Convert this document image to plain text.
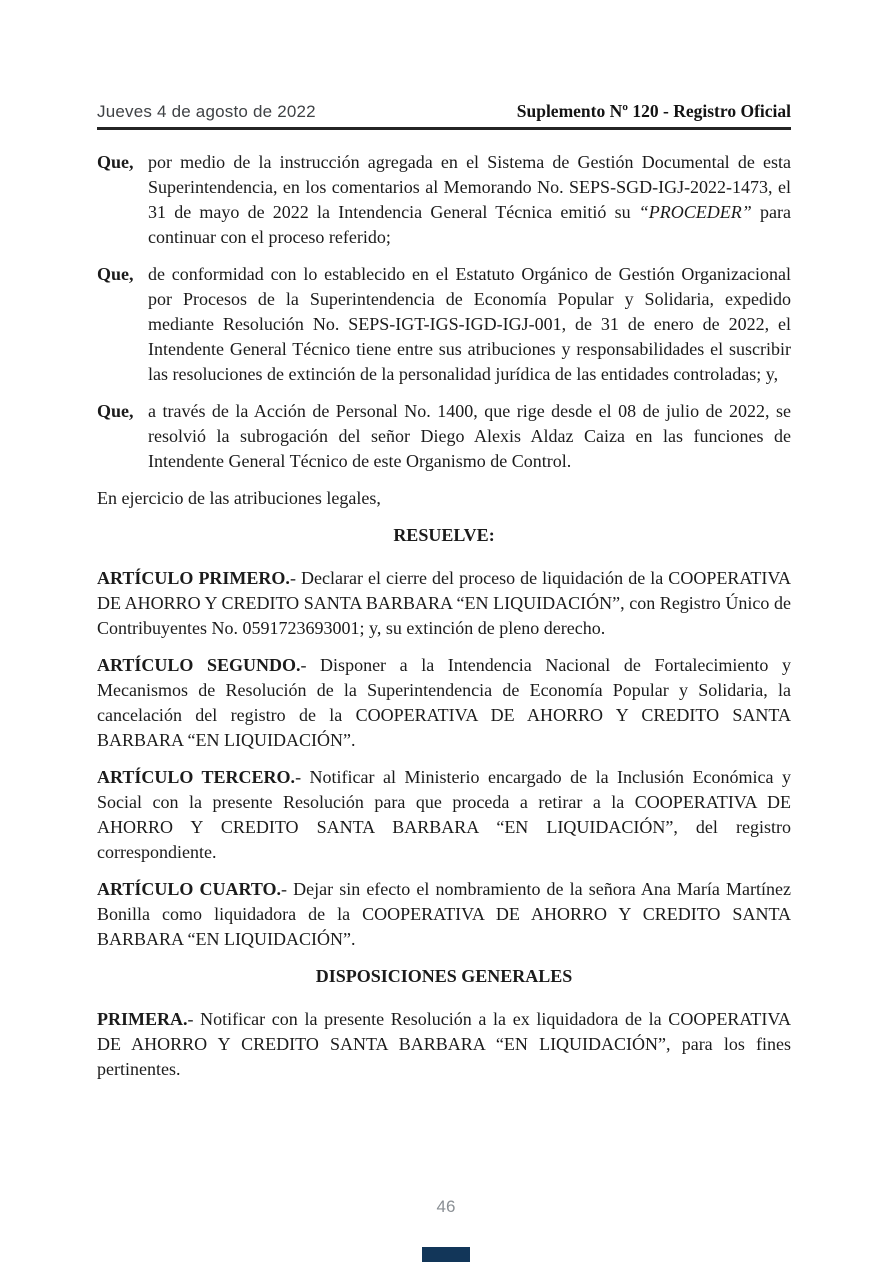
Jueves 4 de agosto de 2022	Suplemento Nº 120 - Registro Oficial
Que, por medio de la instrucción agregada en el Sistema de Gestión Documental de esta Superintendencia, en los comentarios al Memorando No. SEPS-SGD-IGJ-2022-1473, el 31 de mayo de 2022 la Intendencia General Técnica emitió su “PROCEDER” para continuar con el proceso referido;

Que, de conformidad con lo establecido en el Estatuto Orgánico de Gestión Organizacional por Procesos de la Superintendencia de Economía Popular y Solidaria, expedido mediante Resolución No. SEPS-IGT-IGS-IGD-IGJ-001, de 31 de enero de 2022, el Intendente General Técnico tiene entre sus atribuciones y responsabilidades el suscribir las resoluciones de extinción de la personalidad jurídica de las entidades controladas; y,

Que, a través de la Acción de Personal No. 1400, que rige desde el 08 de julio de 2022, se resolvió la subrogación del señor Diego Alexis Aldaz Caiza en las funciones de Intendente General Técnico de este Organismo de Control.

En ejercicio de las atribuciones legales,

RESUELVE:

ARTÍCULO PRIMERO.- Declarar el cierre del proceso de liquidación de la COOPERATIVA DE AHORRO Y CREDITO SANTA BARBARA “EN LIQUIDACIÓN”, con Registro Único de Contribuyentes No. 0591723693001; y, su extinción de pleno derecho.

ARTÍCULO SEGUNDO.- Disponer a la Intendencia Nacional de Fortalecimiento y Mecanismos de Resolución de la Superintendencia de Economía Popular y Solidaria, la cancelación del registro de la COOPERATIVA DE AHORRO Y CREDITO SANTA BARBARA “EN LIQUIDACIÓN”.

ARTÍCULO TERCERO.- Notificar al Ministerio encargado de la Inclusión Económica y Social con la presente Resolución para que proceda a retirar a la COOPERATIVA DE AHORRO Y CREDITO SANTA BARBARA “EN LIQUIDACIÓN”, del registro correspondiente.

ARTÍCULO CUARTO.- Dejar sin efecto el nombramiento de la señora Ana María Martínez Bonilla como liquidadora de la COOPERATIVA DE AHORRO Y CREDITO SANTA BARBARA “EN LIQUIDACIÓN”.

DISPOSICIONES GENERALES

PRIMERA.- Notificar con la presente Resolución a la ex liquidadora de la COOPERATIVA DE AHORRO Y CREDITO SANTA BARBARA “EN LIQUIDACIÓN”, para los fines pertinentes.

46
